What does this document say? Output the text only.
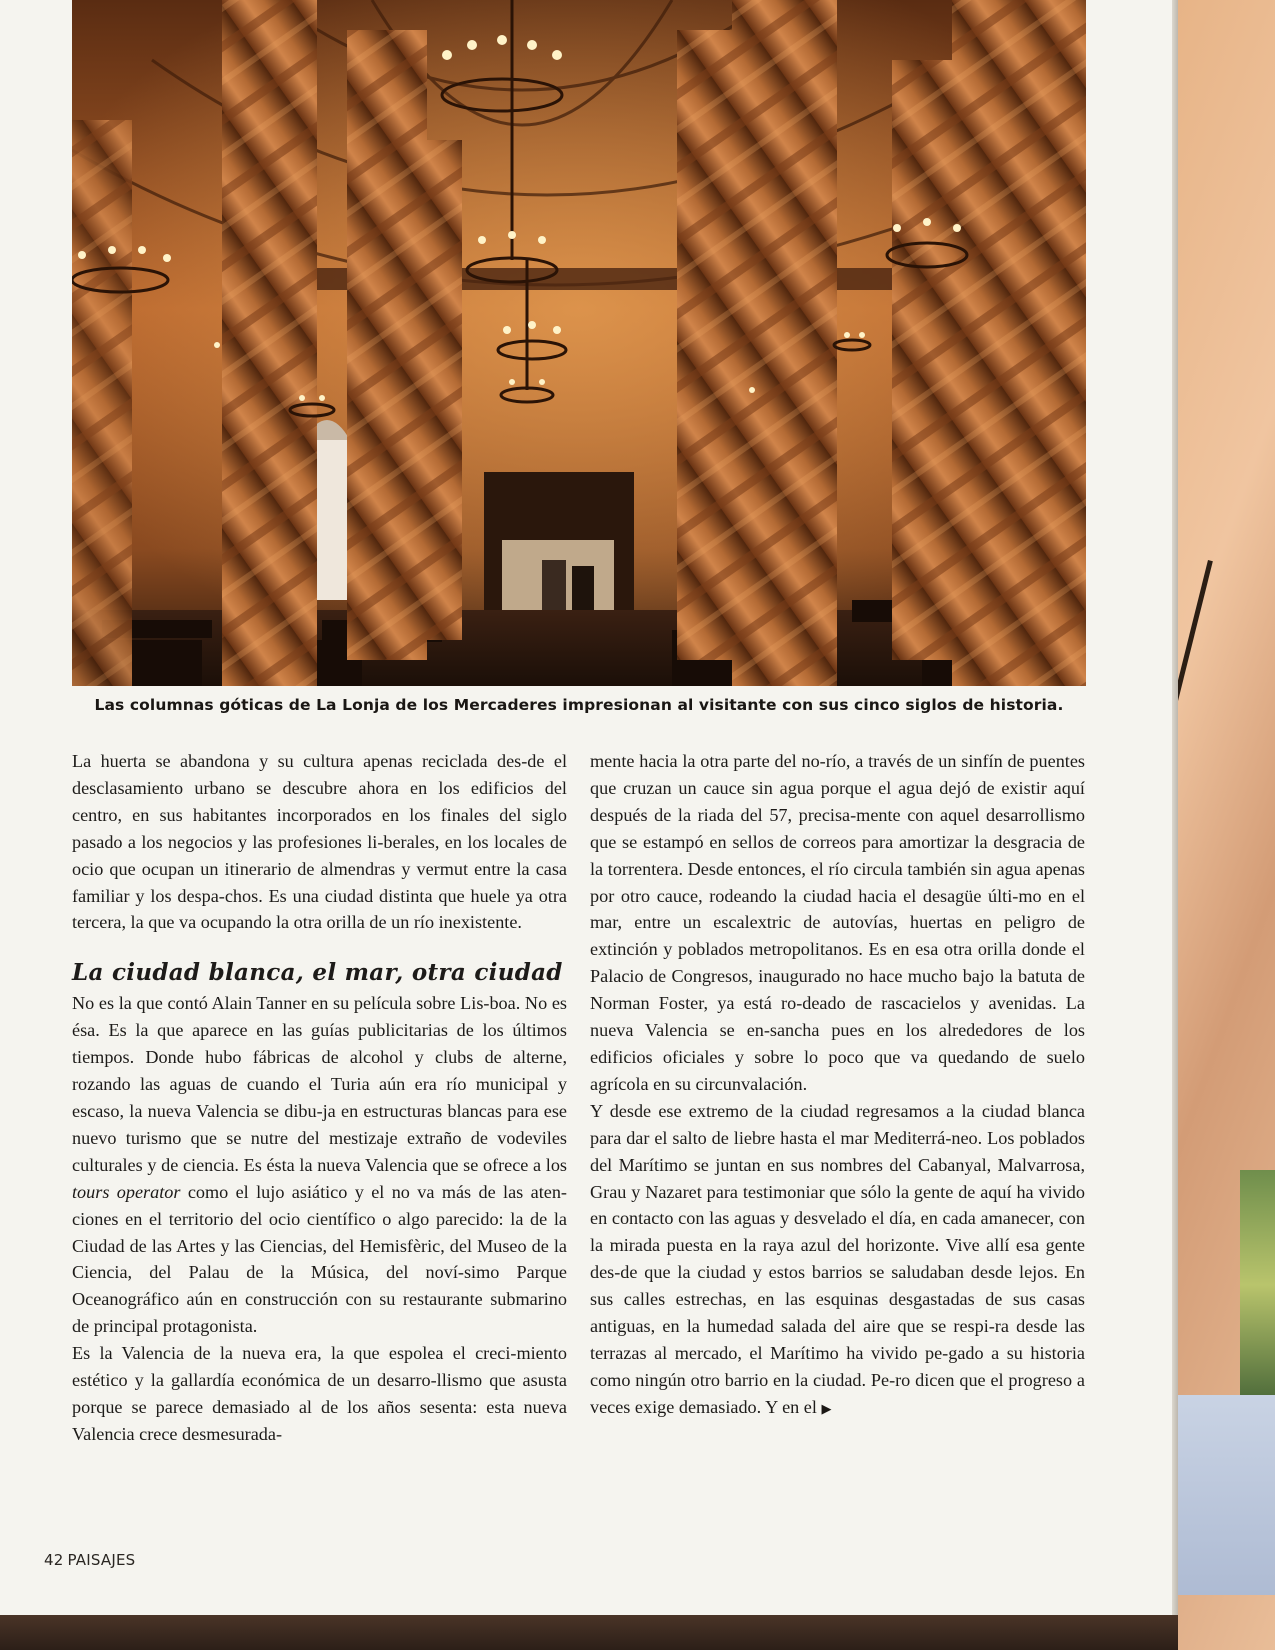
Las columnas góticas de La Lonja de los Mercaderes impresionan al visitante con sus cinco siglos de historia.

La huerta se abandona y su cultura apenas reciclada des-de el desclasamiento urbano se descubre ahora en los edificios del centro, en sus habitantes incorporados en los finales del siglo pasado a los negocios y las profesiones li-berales, en los locales de ocio que ocupan un itinerario de almendras y vermut entre la casa familiar y los despa-chos. Es una ciudad distinta que huele ya otra tercera, la que va ocupando la otra orilla de un río inexistente.

La ciudad blanca, el mar, otra ciudad

No es la que contó Alain Tanner en su película sobre Lis-boa. No es ésa. Es la que aparece en las guías publicitarias de los últimos tiempos. Donde hubo fábricas de alcohol y clubs de alterne, rozando las aguas de cuando el Turia aún era río municipal y escaso, la nueva Valencia se dibu-ja en estructuras blancas para ese nuevo turismo que se nutre del mestizaje extraño de vodeviles culturales y de ciencia. Es ésta la nueva Valencia que se ofrece a los tours operator como el lujo asiático y el no va más de las aten-ciones en el territorio del ocio científico o algo parecido: la de la Ciudad de las Artes y las Ciencias, del Hemisfèric, del Museo de la Ciencia, del Palau de la Música, del noví-simo Parque Oceanográfico aún en construcción con su restaurante submarino de principal protagonista.

Es la Valencia de la nueva era, la que espolea el creci-miento estético y la gallardía económica de un desarro-llismo que asusta porque se parece demasiado al de los años sesenta: esta nueva Valencia crece desmesurada-

mente hacia la otra parte del no-río, a través de un sinfín de puentes que cruzan un cauce sin agua porque el agua dejó de existir aquí después de la riada del 57, precisa-mente con aquel desarrollismo que se estampó en sellos de correos para amortizar la desgracia de la torrentera. Desde entonces, el río circula también sin agua apenas por otro cauce, rodeando la ciudad hacia el desagüe últi-mo en el mar, entre un escalextric de autovías, huertas en peligro de extinción y poblados metropolitanos. Es en esa otra orilla donde el Palacio de Congresos, inaugurado no hace mucho bajo la batuta de Norman Foster, ya está ro-deado de rascacielos y avenidas. La nueva Valencia se en-sancha pues en los alrededores de los edificios oficiales y sobre lo poco que va quedando de suelo agrícola en su circunvalación.

Y desde ese extremo de la ciudad regresamos a la ciudad blanca para dar el salto de liebre hasta el mar Mediterrá-neo. Los poblados del Marítimo se juntan en sus nombres del Cabanyal, Malvarrosa, Grau y Nazaret para testimoniar que sólo la gente de aquí ha vivido en contacto con las aguas y desvelado el día, en cada amanecer, con la mirada puesta en la raya azul del horizonte. Vive allí esa gente des-de que la ciudad y estos barrios se saludaban desde lejos. En sus calles estrechas, en las esquinas desgastadas de sus casas antiguas, en la humedad salada del aire que se respi-ra desde las terrazas al mercado, el Marítimo ha vivido pe-gado a su historia como ningún otro barrio en la ciudad. Pe-ro dicen que el progreso a veces exige demasiado. Y en el ▶

42 PAISAJES
